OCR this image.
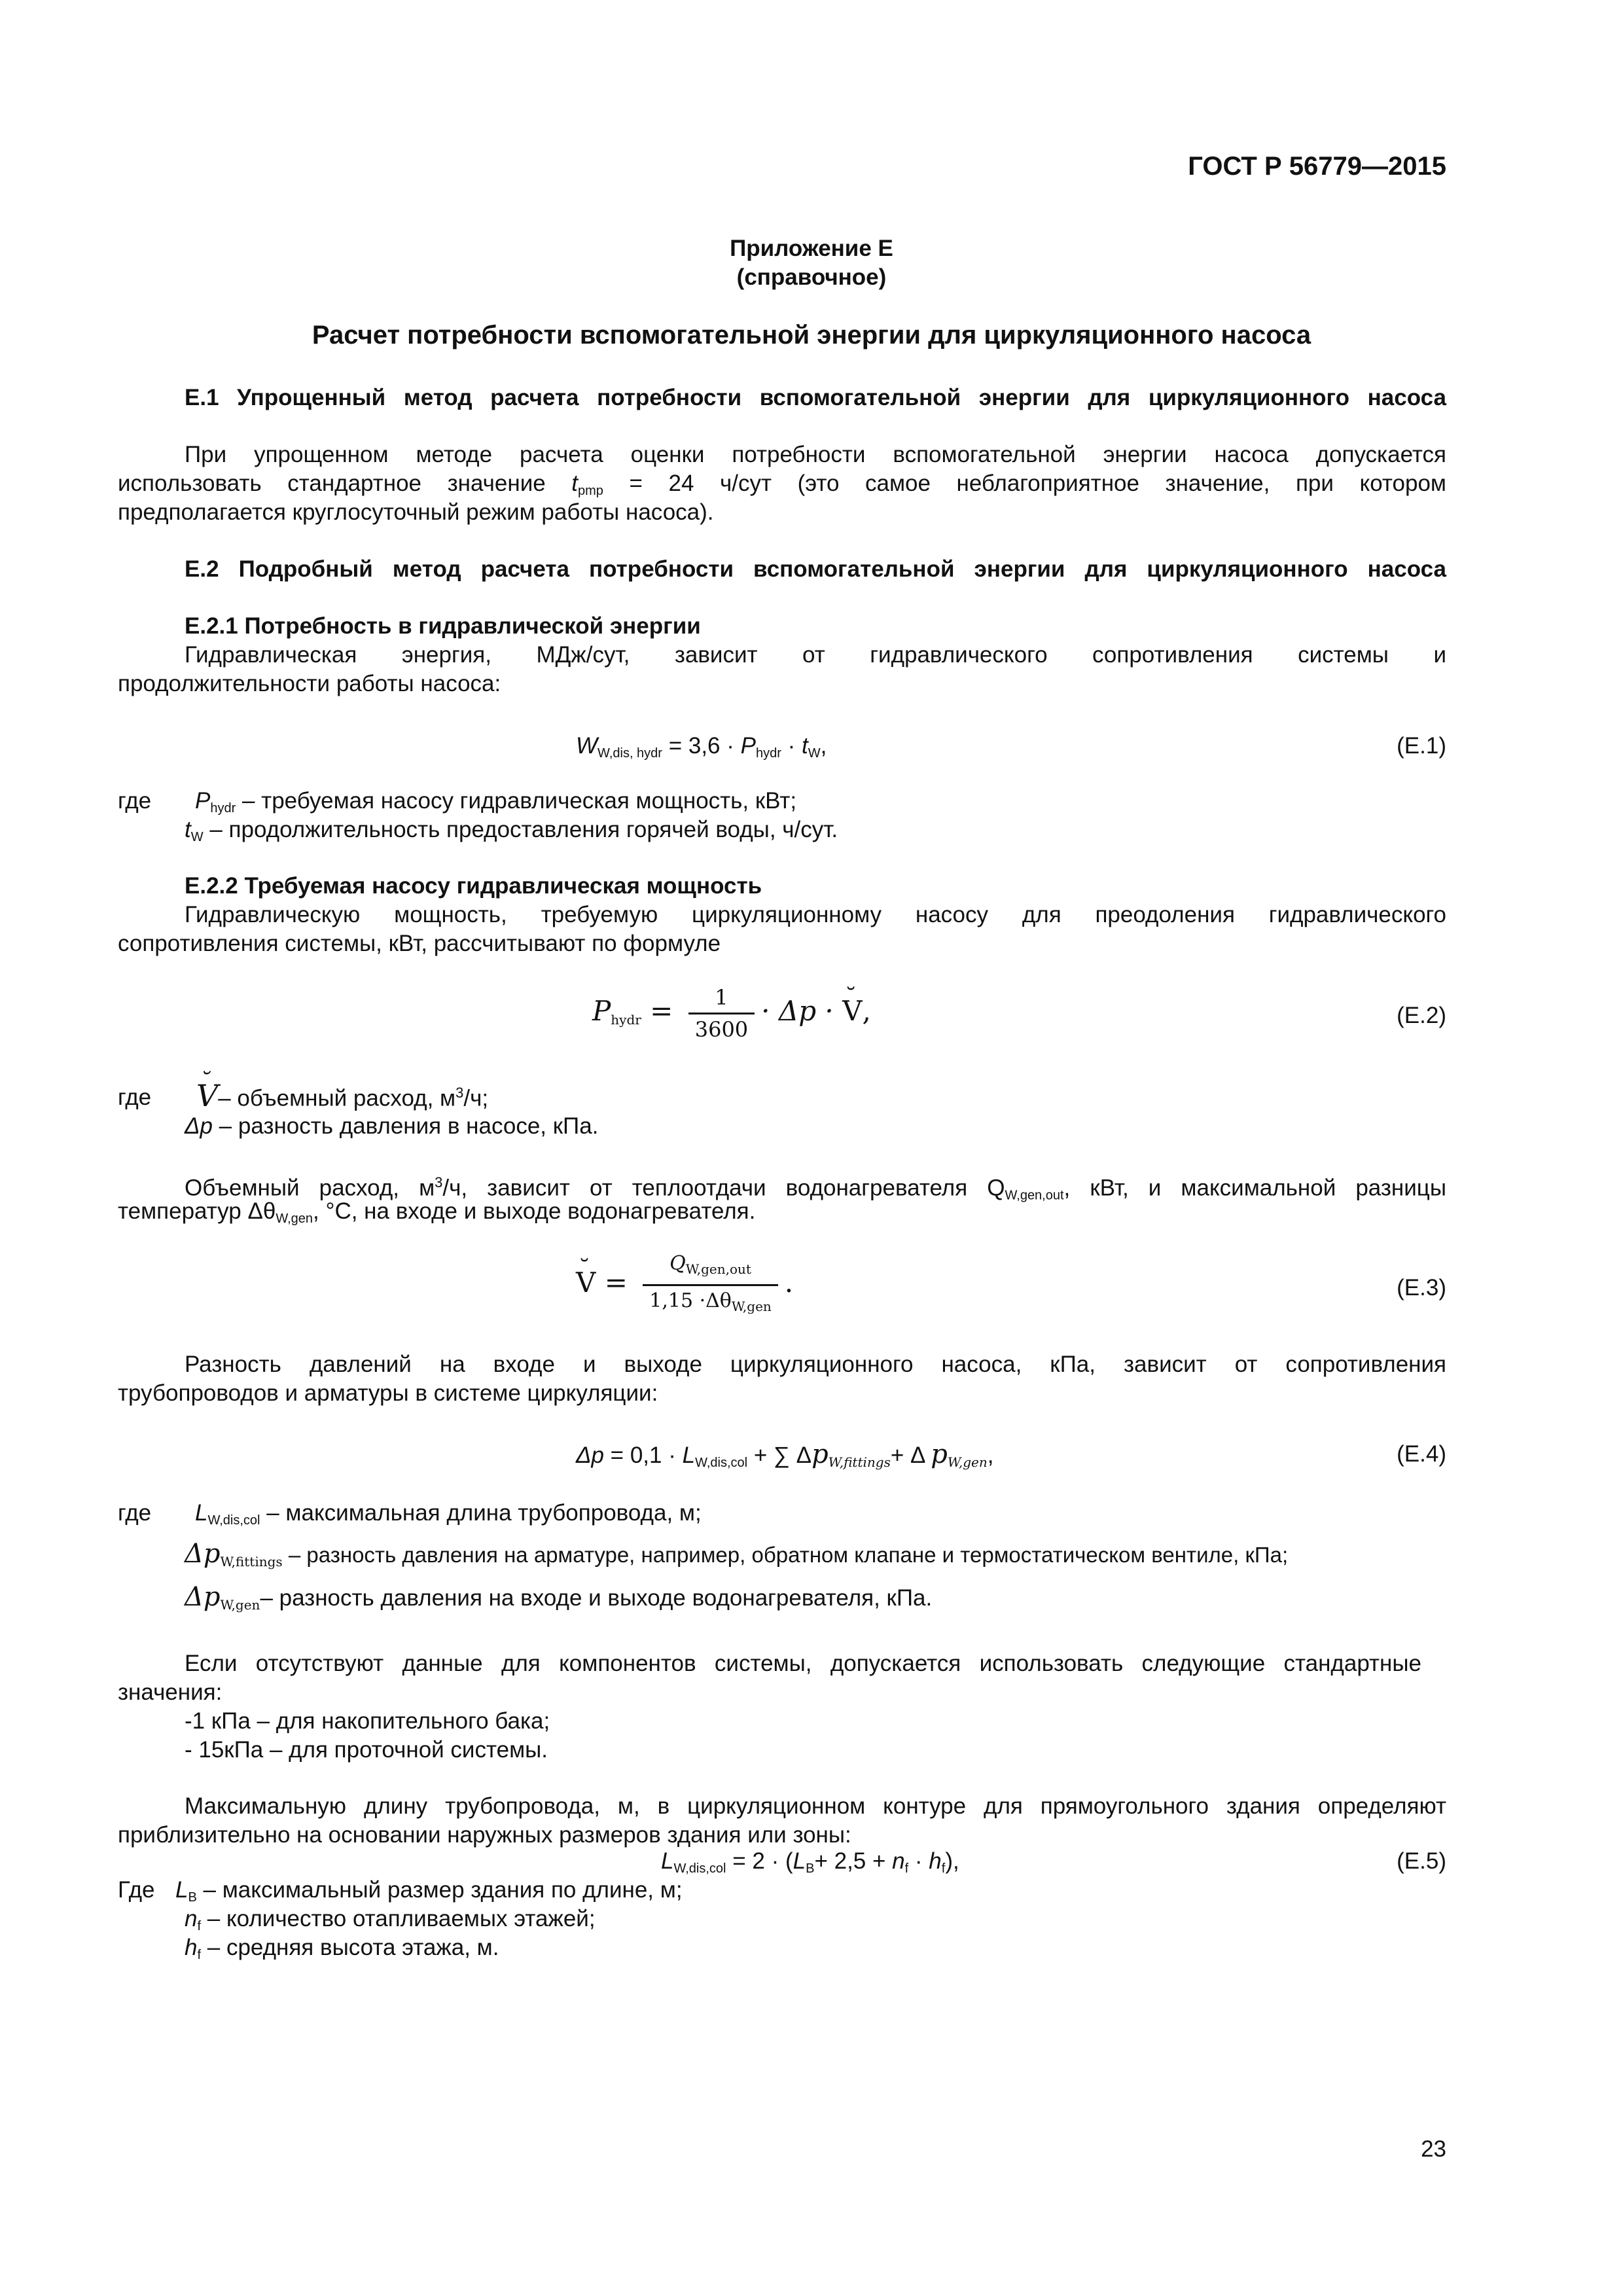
ГОСТ Р 56779—2015
Приложение Е
(справочное)
Расчет потребности вспомогательной энергии для циркуляционного насоса
Е.1 Упрощенный метод расчета потребности вспомогательной энергии для циркуляционного насоса
При упрощенном методе расчета оценки потребности вспомогательной энергии насоса допускается
использовать стандартное значение $t_{pmp} = 24$ ч/сут (это самое неблагоприятное значение, при котором
предполагается круглосуточный режим работы насоса).
Е.2 Подробный метод расчета потребности вспомогательной энергии для циркуляционного насоса
Е.2.1 Потребность в гидравлической энергии
Гидравлическая энергия, МДж/сут, зависит от гидравлического сопротивления системы и
продолжительности работы насоса:
$W_{W,dis, hydr} = 3,6 \cdot P_{hydr} \cdot t_W$,	(Е.1)
где $P_{hydr}$ – требуемая насосу гидравлическая мощность, кВт;
$t_W$ – продолжительность предоставления горячей воды, ч/сут.
Е.2.2 Требуемая насосу гидравлическая мощность
Гидравлическую мощность, требуемую циркуляционному насосу для преодоления гидравлического
сопротивления системы, кВт, рассчитывают по формуле
$P_{hydr} = \frac{1}{3600} \cdot \Delta p$ · ˘ V,	(Е.2)
где
˘ V– объемный расход, $м^3/ч$;
Δp – разность давления в насосе, кПа.
Объемный расход, $м^3/ч$, зависит от теплоотдачи водонагревателя $Q_{W,gen,out}$, кВт, и максимальной разницы
температур $\Delta\theta_{W,gen}$, °С, на входе и выходе водонагревателя.
˘ $V = \frac{Q_{W,gen,out}}{1,15 \cdot\Delta\theta_{W,gen}}$ .	(Е.3)
Разность давлений на входе и выходе циркуляционного насоса, кПа, зависит от сопротивления
трубопроводов и арматуры в системе циркуляции:
$\Delta p = 0,1 \cdot L_{W,dis,col}$ + ∑ $\Delta p_{W,fittings}+ \Delta$ $p_{W,gen}$,	(Е.4)
где $L_{W,dis,col}$ – максимальная длина трубопровода, м;
$\Delta p_{W,fittings}$ – разность давления на арматуре, например, обратном клапане и термостатическом вентиле, кПа;
$\Delta p_{W,gen}-$ разность давления на входе и выходе водонагревателя, кПа.
Если отсутствуют данные для компонентов системы, допускается использовать следующие стандартные
значения:
-1 кПа – для накопительного бака;
- 15кПа – для проточной системы.
Максимальную длину трубопровода, м, в циркуляционном контуре для прямоугольного здания определяют
приблизительно на основании наружных размеров здания или зоны:
$L_{W,dis,col} = 2 \cdot (L_B+ 2,5 + n_f \cdot h_f)$,	(Е.5)
Где $L_B$ – максимальный размер здания по длине, м;
$n_f$ – количество отапливаемых этажей;
$h_f$ – средняя высота этажа, м.
23
